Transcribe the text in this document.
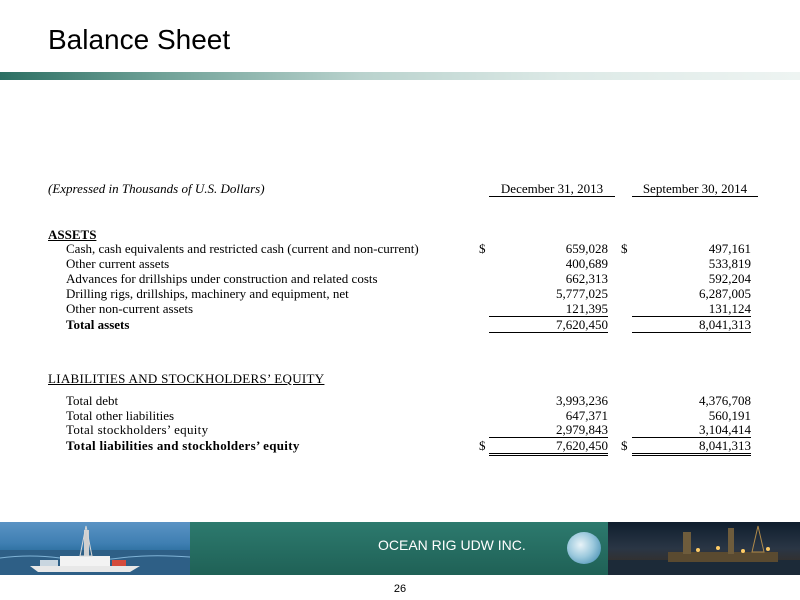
Balance Sheet
(Expressed in Thousands of U.S. Dollars)	December 31, 2013	September 30, 2014
ASSETS
Cash, cash equivalents and restricted cash (current and non-current)	$	659,028 $	497,161
Other current assets	400,689	533,819
Advances for drillships under construction and related costs	662,313	592,204
Drilling rigs, drillships, machinery and equipment, net	5,777,025	6,287,005
Other non-current assets	121,395	131,124
Total assets	7,620,450	8,041,313
LIABILITIES AND STOCKHOLDERS’ EQUITY
Total debt	3,993,236	4,376,708
Total other liabilities	647,371	560,191
Total stockholders’ equity	2,979,843	3,104,414
Total liabilities and stockholders’ equity	$	7,620,450 $	8,041,313
OCEAN RIG UDW INC.
26
